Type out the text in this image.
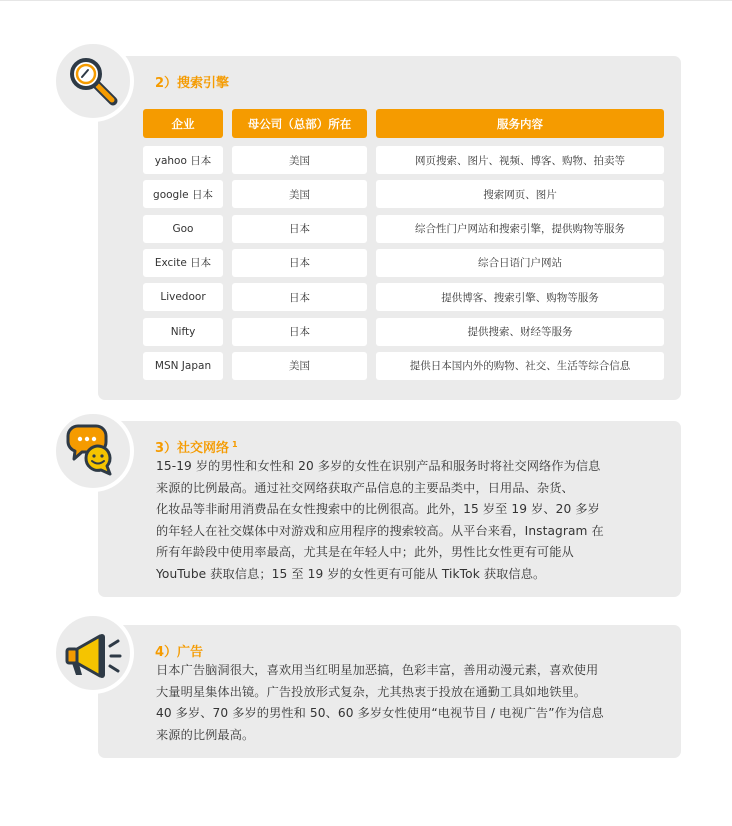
2）搜索引擎
企业	母公司（总部）所在	服务内容
yahoo 日本	美国	网页搜索、图片、视频、博客、购物、拍卖等
google 日本	美国	搜索网页、图片
Goo	日本	综合性门户网站和搜索引擎，提供购物等服务
Excite 日本	日本	综合日语门户网站
Livedoor	日本	提供博客、搜索引擎、购物等服务
Nifty	日本	提供搜索、财经等服务
MSN Japan	美国	提供日本国内外的购物、社交、生活等综合信息
3）社交网络 $^1$
15-19 岁的男性和女性和 20 多岁的女性在识别产品和服务时将社交网络作为信息
来源的比例最高。通过社交网络获取产品信息的主要品类中，日用品、杂货、
化妆品等非耐用消费品在女性搜索中的比例很高。此外，15 岁至 19 岁、20 多岁
的年轻人在社交媒体中对游戏和应用程序的搜索较高。从平台来看，Instagram 在
所有年龄段中使用率最高，尤其是在年轻人中；此外，男性比女性更有可能从
YouTube 获取信息；15 至 19 岁的女性更有可能从 TikTok 获取信息。
4）广告
日本广告脑洞很大，喜欢用当红明星加恶搞，色彩丰富，善用动漫元素，喜欢使用
大量明星集体出镜。广告投放形式复杂，尤其热衷于投放在通勤工具如地铁里。
40 多岁、70 多岁的男性和 50、60 多岁女性使用“电视节目 / 电视广告”作为信息
来源的比例最高。
